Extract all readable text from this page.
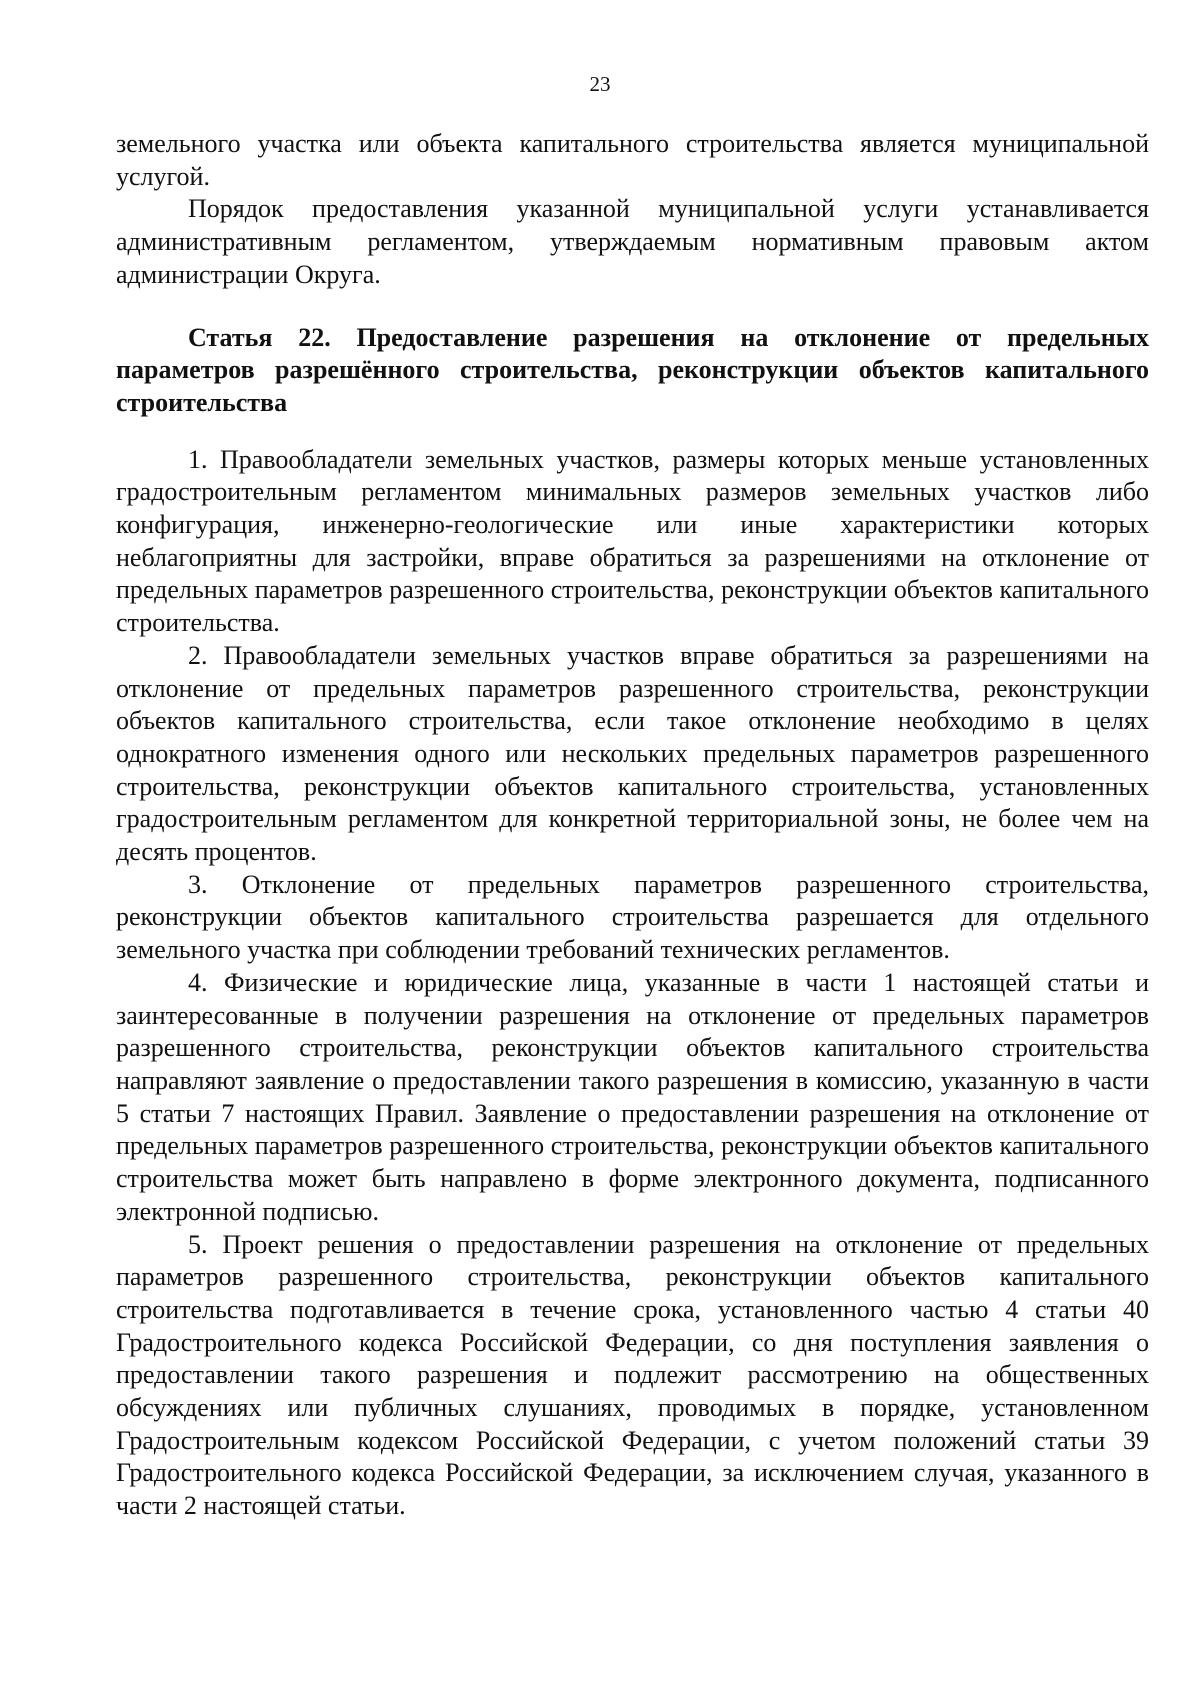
23

земельного участка или объекта капитального строительства является муниципальной услугой.

Порядок предоставления указанной муниципальной услуги устанавливается административным регламентом, утверждаемым нормативным правовым актом администрации Округа.

Статья 22. Предоставление разрешения на отклонение от предельных параметров разрешённого строительства, реконструкции объектов капитального строительства

1. Правообладатели земельных участков, размеры которых меньше установленных градостроительным регламентом минимальных размеров земельных участков либо конфигурация, инженерно-геологические или иные характеристики которых неблагоприятны для застройки, вправе обратиться за разрешениями на отклонение от предельных параметров разрешенного строительства, реконструкции объектов капитального строительства.

2. Правообладатели земельных участков вправе обратиться за разрешениями на отклонение от предельных параметров разрешенного строительства, реконструкции объектов капитального строительства, если такое отклонение необходимо в целях однократного изменения одного или нескольких предельных параметров разрешенного строительства, реконструкции объектов капитального строительства, установленных градостроительным регламентом для конкретной территориальной зоны, не более чем на десять процентов.

3. Отклонение от предельных параметров разрешенного строительства, реконструкции объектов капитального строительства разрешается для отдельного земельного участка при соблюдении требований технических регламентов.

4. Физические и юридические лица, указанные в части 1 настоящей статьи и заинтересованные в получении разрешения на отклонение от предельных параметров разрешенного строительства, реконструкции объектов капитального строительства направляют заявление о предоставлении такого разрешения в комиссию, указанную в части 5 статьи 7 настоящих Правил. Заявление о предоставлении разрешения на отклонение от предельных параметров разрешенного строительства, реконструкции объектов капитального строительства может быть направлено в форме электронного документа, подписанного электронной подписью.

5. Проект решения о предоставлении разрешения на отклонение от предельных параметров разрешенного строительства, реконструкции объектов капитального строительства подготавливается в течение срока, установленного частью 4 статьи 40 Градостроительного кодекса Российской Федерации, со дня поступления заявления о предоставлении такого разрешения и подлежит рассмотрению на общественных обсуждениях или публичных слушаниях, проводимых в порядке, установленном Градостроительным кодексом Российской Федерации, с учетом положений статьи 39 Градостроительного кодекса Российской Федерации, за исключением случая, указанного в части 2 настоящей статьи.
